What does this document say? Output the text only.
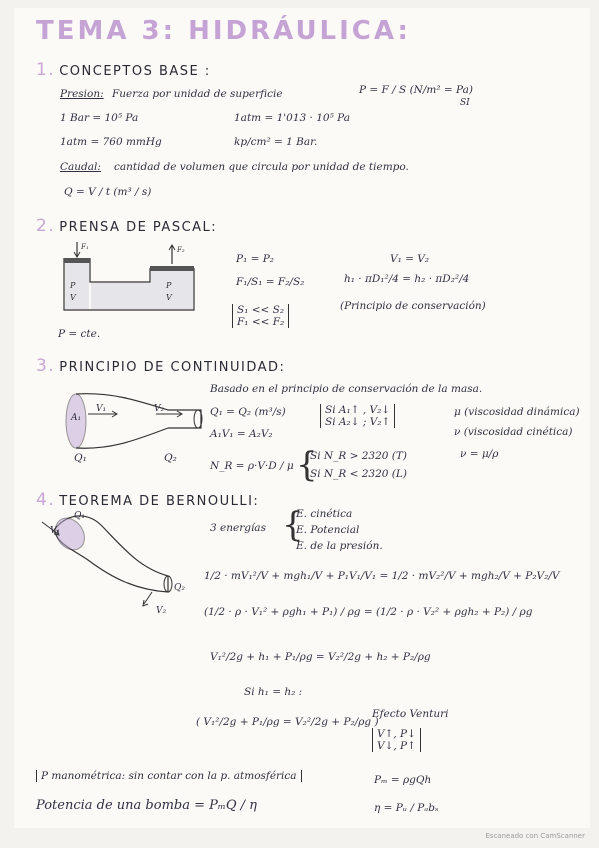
TEMA 3: HIDRÁULICA:
1. CONCEPTOS BASE :
Presion: Fuerza por unidad de superficie	P = F / S (N/m² = Pa)
SI
1 Bar = 10⁵ Pa	1atm = 1'013 · 10⁵ Pa
1atm = 760 mmHg	kp/cm² = 1 Bar.
Caudal: cantidad de volumen que circula por unidad de tiempo.
Q = V / t (m³ / s)
2. PRENSA DE PASCAL:
F₁	F₂
P
V
P
V
P = cte.
P₁ = P₂
F₁/S₁ = F₂/S₂
S₁ << S₂
F₁ << F₂
V₁ = V₂
h₁ · πD₁²/4 = h₂ · πD₂²/4
(Principio de conservación)
3. PRINCIPIO DE CONTINUIDAD:
A₁
V₁	V₂
Q₁	Q₂
Basado en el principio de conservación de la masa.
Q₁ = Q₂ (m³/s)
A₁V₁ = A₂V₂
Si A₁↑ , V₂↓
Si A₂↓ ; V₂↑
μ (viscosidad dinámica)
ν (viscosidad cinética)
ν = μ/ρ
N_R = ρ·V·D / μ {
Si N_R > 2320 (T)
Si N_R < 2320 (L)
4. TEOREMA DE BERNOULLI:
Q₁
V₁
Q₂
V₂
3 energías {
E. cinética
E. Potencial
E. de la presión.
1/2 · mV₁²/V + mgh₁/V + P₁V₁/V₁ = 1/2 · mV₂²/V + mgh₂/V + P₂V₂/V
(1/2 · ρ · V₁² + ρgh₁ + P₁) / ρg = (1/2 · ρ · V₂² + ρgh₂ + P₂) / ρg
V₁²/2g + h₁ + P₁/ρg = V₂²/2g + h₂ + P₂/ρg
Si h₁ = h₂ :
( V₁²/2g + P₁/ρg = V₂²/2g + P₂/ρg )
Efecto Venturi
V↑, P↓
V↓, P↑
P manométrica: sin contar con la p. atmosférica	Pₘ = ρgQh
Potencia de una bomba = PₘQ / η	η = Pᵤ / Pₐbₛ
Escaneado con CamScanner
